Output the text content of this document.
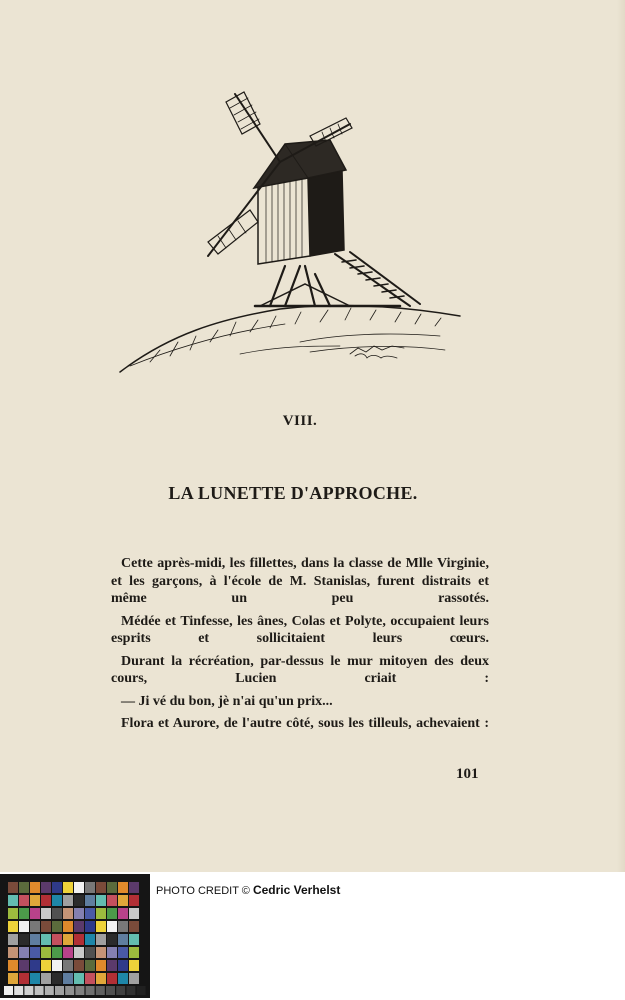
VIII.
LA LUNETTE D'APPROCHE.

Cette après-midi, les fillettes, dans la classe de Mlle Virginie, et les garçons, à l'école de M. Stanislas, furent distraits et même un peu rassotés.

Médée et Tinfesse, les ânes, Colas et Polyte, occupaient leurs esprits et sollicitaient leurs cœurs.

Durant la récréation, par-dessus le mur mitoyen des deux cours, Lucien criait :

— Ji vé du bon, jè n'ai qu'un prix...

Flora et Aurore, de l'autre côté, sous les tilleuls, achevaient :

101
PHOTO CREDIT © Cedric Verhelst
